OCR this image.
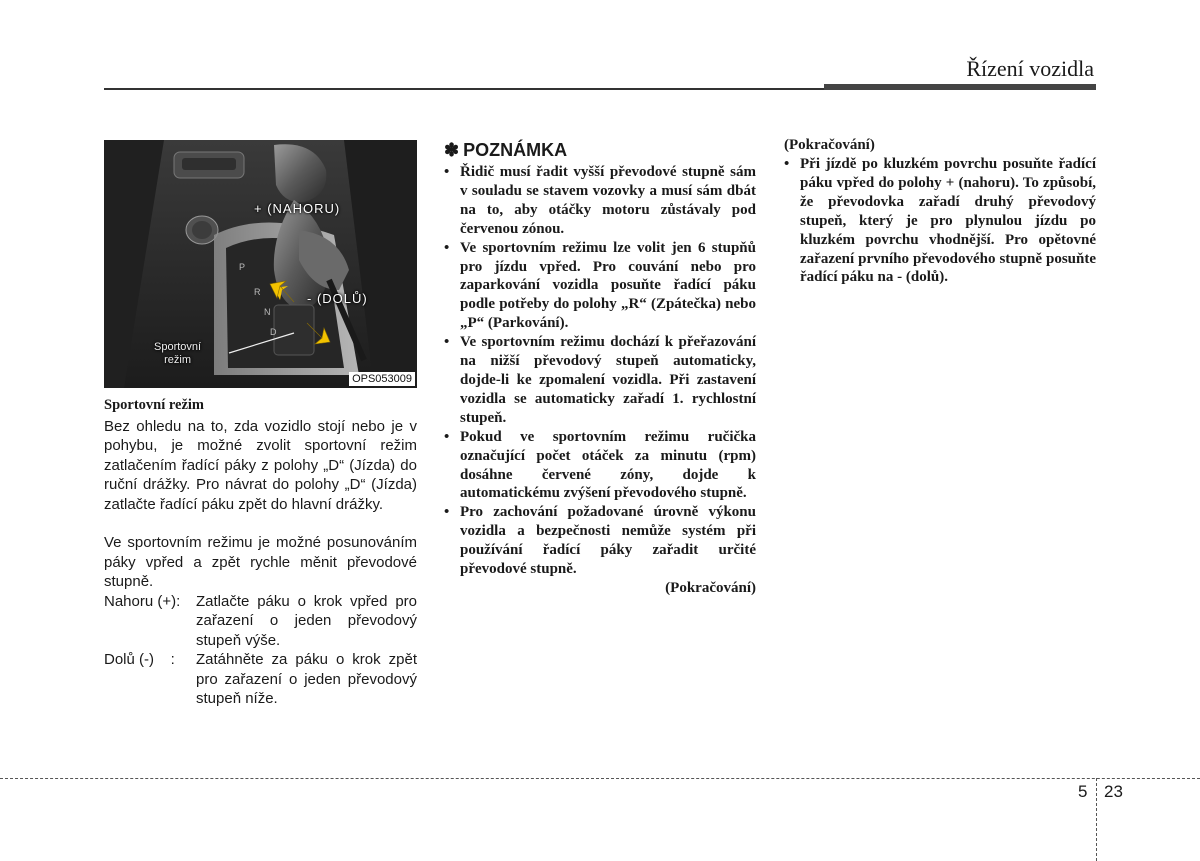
Řízení vozidla
P
R
N
D
+ (NAHORU)
- (DOLŮ)
Sportovní
režim
OPS053009
Sportovní režim

Bez ohledu na to, zda vozidlo stojí nebo je v pohybu, je možné zvolit sportovní režim zatlačením řadící páky z polohy „D“ (Jízda) do ruční drážky. Pro návrat do polohy „D“ (Jízda) zatlačte řadící páku zpět do hlavní drážky.

Ve sportovním režimu je možné posunováním páky vpřed a zpět rychle měnit převodové stupně.

Nahoru (+):	Zatlačte páku o krok vpřed pro zařazení o jeden převodový stupeň výše.
Dolů (-)    :	Zatáhněte za páku o krok zpět pro zařazení o jeden převodový stupeň níže.
✽ POZNÁMKA
• Řidič musí řadit vyšší převodové stupně sám v souladu se stavem vozovky a musí sám dbát na to, aby otáčky motoru zůstávaly pod červenou zónou.
• Ve sportovním režimu lze volit jen 6 stupňů pro jízdu vpřed. Pro couvání nebo pro zaparkování vozidla posuňte řadící páku podle potřeby do polohy „R“ (Zpátečka) nebo „P“ (Parkování).
• Ve sportovním režimu dochází k přeřazování na nižší převodový stupeň automaticky, dojde-li ke zpomalení vozidla. Při zastavení vozidla se automaticky zařadí 1. rychlostní stupeň.
• Pokud ve sportovním režimu ručička označující počet otáček za minutu (rpm) dosáhne červené zóny, dojde k automatickému zvýšení převodového stupně.
• Pro zachování požadované úrovně výkonu vozidla a bezpečnosti nemůže systém při používání řadící páky zařadit určité převodové stupně.
(Pokračování)
(Pokračování)
• Při jízdě po kluzkém povrchu posuňte řadící páku vpřed do polohy + (nahoru). To způsobí, že převodovka zařadí druhý převodový stupeň, který je pro plynulou jízdu po kluzkém povrchu vhodnější. Pro opětovné zařazení prvního převodového stupně posuňte řadící páku na - (dolů).
5 23
